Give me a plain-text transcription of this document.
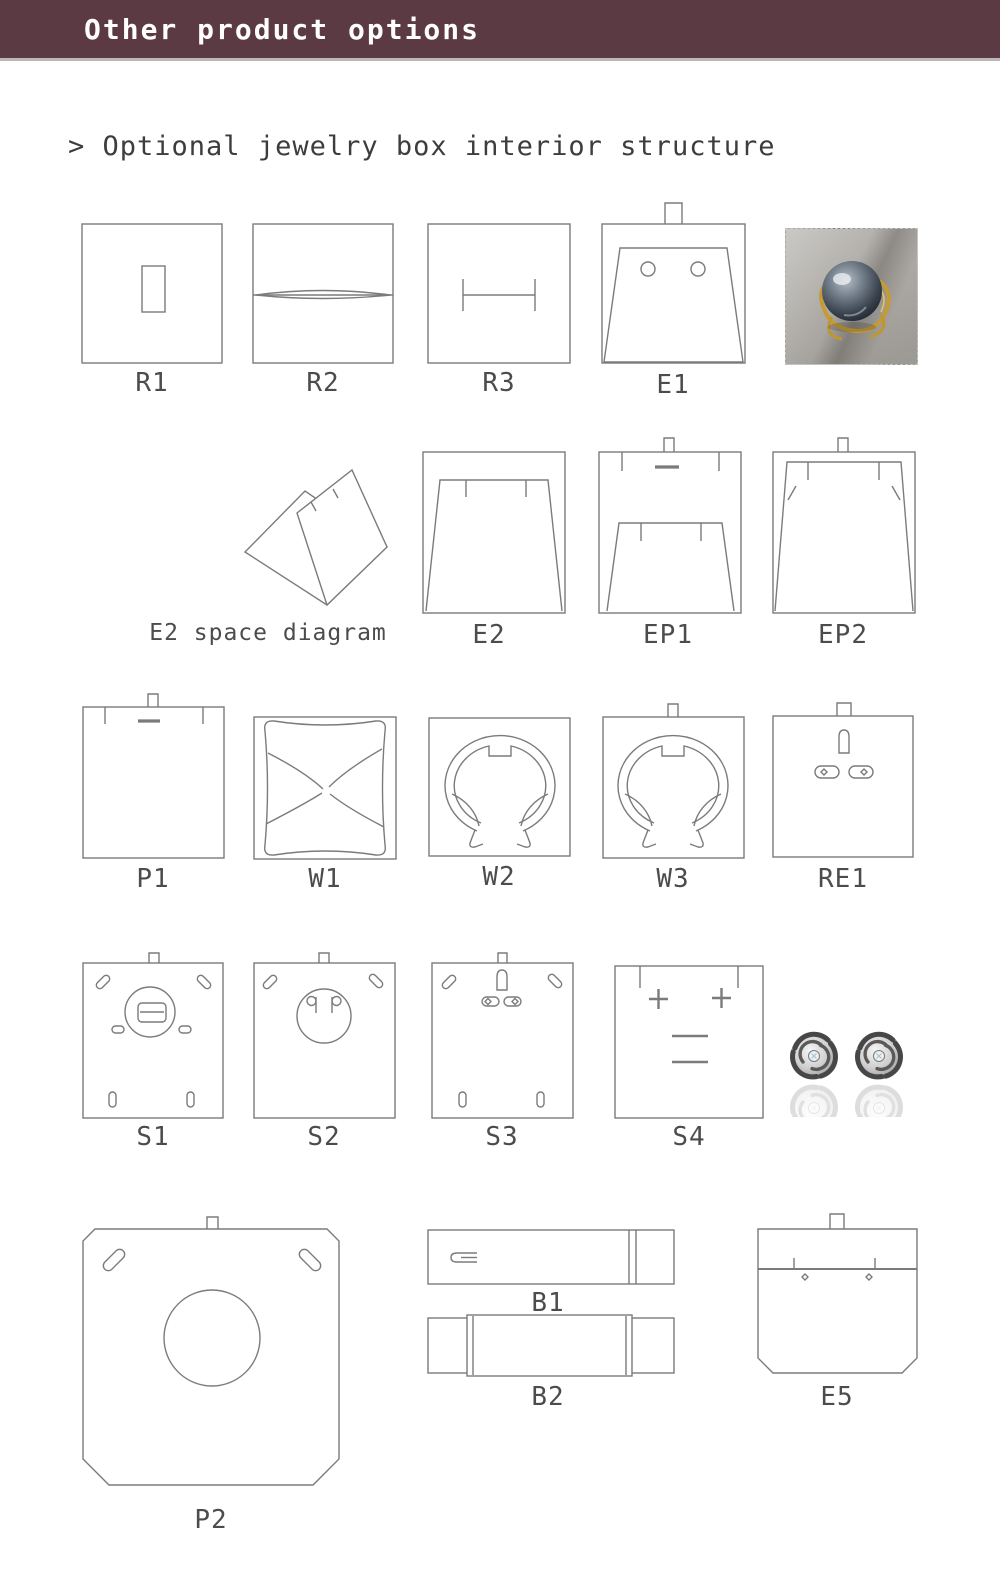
Other product options
> Optional jewelry box interior structure
R1	R2	R3	E1
E2 space diagram	E2	EP1	EP2
P1	W1	W2	W3	RE1
S1	S2	S3	S4
P2
B1
B2	E5
